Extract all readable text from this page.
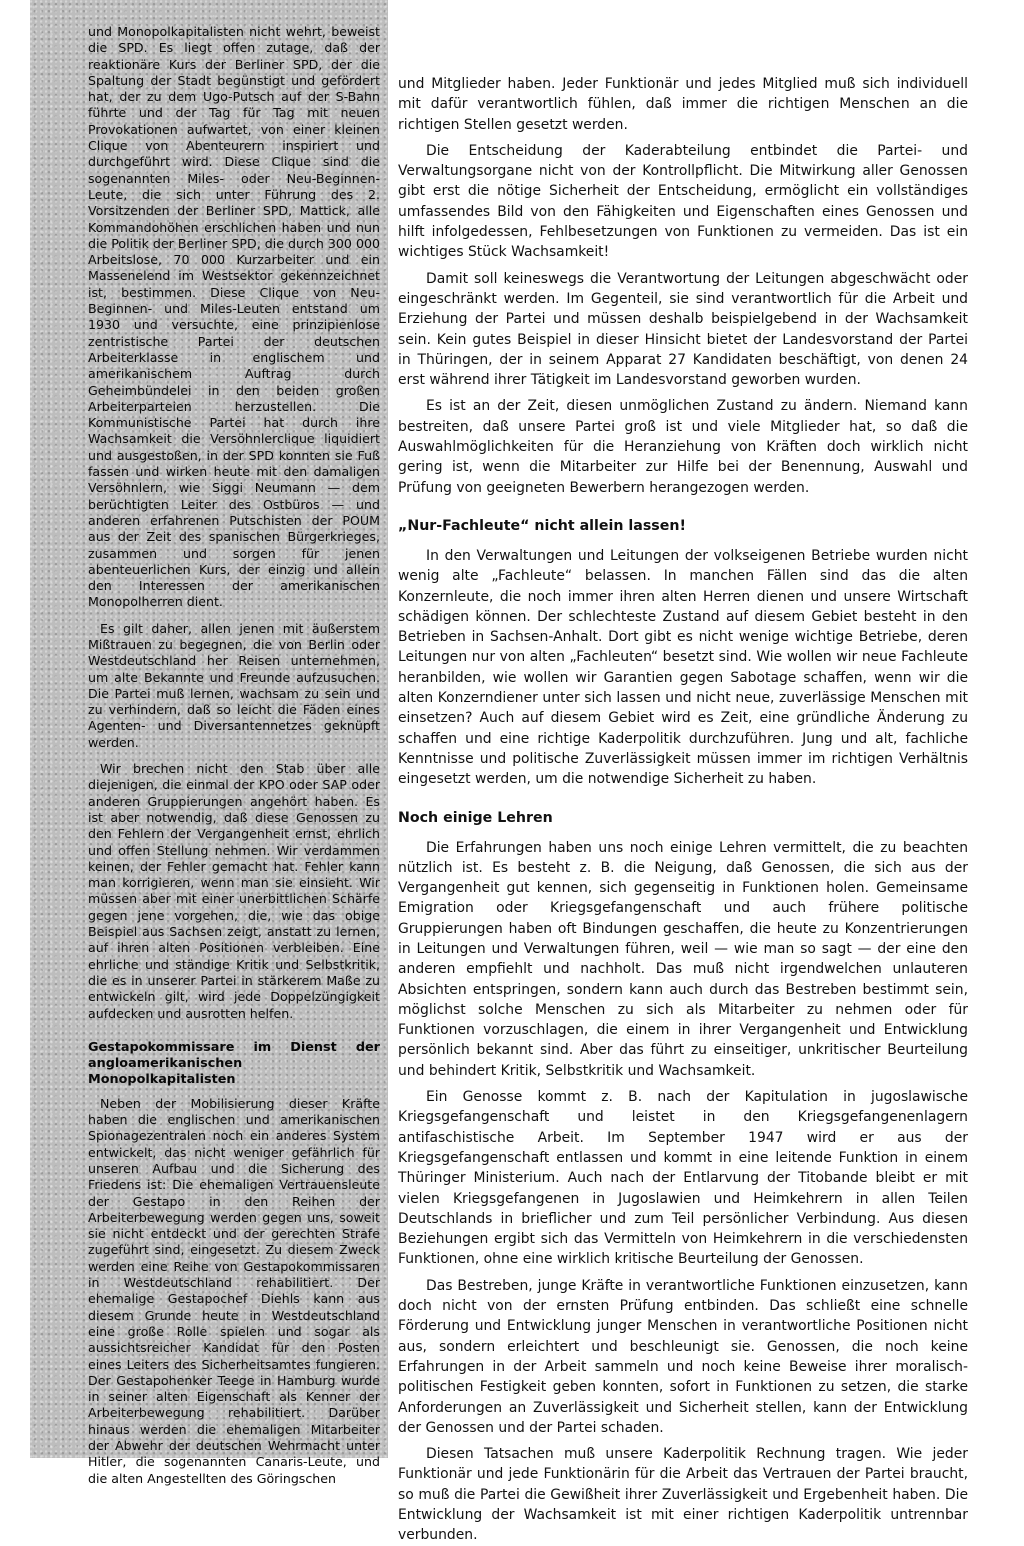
und Monopolkapitalisten nicht wehrt, beweist die SPD. Es liegt offen zutage, daß der reaktionäre Kurs der Berliner SPD, der die Spaltung der Stadt begünstigt und gefördert hat, der zu dem Ugo-Putsch auf der S-Bahn führte und der Tag für Tag mit neuen Provokationen aufwartet, von einer kleinen Clique von Abenteurern inspiriert und durchgeführt wird. Diese Clique sind die sogenannten Miles- oder Neu-Beginnen-Leute, die sich unter Führung des 2. Vorsitzenden der Berliner SPD, Mattick, alle Kommandohöhen erschlichen haben und nun die Politik der Berliner SPD, die durch 300 000 Arbeitslose, 70 000 Kurzarbeiter und ein Massenelend im Westsektor gekennzeichnet ist, bestimmen. Diese Clique von Neu-Beginnen- und Miles-Leuten entstand um 1930 und versuchte, eine prinzipienlose zentristische Partei der deutschen Arbeiterklasse in englischem und amerikanischem Auftrag durch Geheimbündelei in den beiden großen Arbeiterparteien herzustellen. Die Kommunistische Partei hat durch ihre Wachsamkeit die Versöhnlerclique liquidiert und ausgestoßen, in der SPD konnten sie Fuß fassen und wirken heute mit den damaligen Versöhnlern, wie Siggi Neumann — dem berüchtigten Leiter des Ostbüros — und anderen erfahrenen Putschisten der POUM aus der Zeit des spanischen Bürgerkrieges, zusammen und sorgen für jenen abenteuerlichen Kurs, der einzig und allein den Interessen der amerikanischen Monopolherren dient.

Es gilt daher, allen jenen mit äußerstem Mißtrauen zu begegnen, die von Berlin oder Westdeutschland her Reisen unternehmen, um alte Bekannte und Freunde aufzusuchen. Die Partei muß lernen, wachsam zu sein und zu verhindern, daß so leicht die Fäden eines Agenten- und Diversantennetzes geknüpft werden.

Wir brechen nicht den Stab über alle diejenigen, die einmal der KPO oder SAP oder anderen Gruppierungen angehört haben. Es ist aber notwendig, daß diese Genossen zu den Fehlern der Vergangenheit ernst, ehrlich und offen Stellung nehmen. Wir verdammen keinen, der Fehler gemacht hat. Fehler kann man korrigieren, wenn man sie einsieht. Wir müssen aber mit einer unerbittlichen Schärfe gegen jene vorgehen, die, wie das obige Beispiel aus Sachsen zeigt, anstatt zu lernen, auf ihren alten Positionen verbleiben. Eine ehrliche und ständige Kritik und Selbstkritik, die es in unserer Partei in stärkerem Maße zu entwickeln gilt, wird jede Doppelzüngigkeit aufdecken und ausrotten helfen.

Gestapokommissare im Dienst der angloamerikanischen Monopolkapitalisten

Neben der Mobilisierung dieser Kräfte haben die englischen und amerikanischen Spionagezentralen noch ein anderes System entwickelt, das nicht weniger gefährlich für unseren Aufbau und die Sicherung des Friedens ist: Die ehemaligen Vertrauensleute der Gestapo in den Reihen der Arbeiterbewegung werden gegen uns, soweit sie nicht entdeckt und der gerechten Strafe zugeführt sind, eingesetzt. Zu diesem Zweck werden eine Reihe von Gestapokommissaren in Westdeutschland rehabilitiert. Der ehemalige Gestapochef Diehls kann aus diesem Grunde heute in Westdeutschland eine große Rolle spielen und sogar als aussichtsreicher Kandidat für den Posten eines Leiters des Sicherheitsamtes fungieren. Der Gestapohenker Teege in Hamburg wurde in seiner alten Eigenschaft als Kenner der Arbeiterbewegung rehabilitiert. Darüber hinaus werden die ehemaligen Mitarbeiter der Abwehr der deutschen Wehrmacht unter Hitler, die sogenannten Canaris-Leute, und die alten Angestellten des Göringschen

und Mitglieder haben. Jeder Funktionär und jedes Mitglied muß sich individuell mit dafür verantwortlich fühlen, daß immer die richtigen Menschen an die richtigen Stellen gesetzt werden.

Die Entscheidung der Kaderabteilung entbindet die Partei- und Verwaltungsorgane nicht von der Kontrollpflicht. Die Mitwirkung aller Genossen gibt erst die nötige Sicherheit der Entscheidung, ermöglicht ein vollständiges umfassendes Bild von den Fähigkeiten und Eigenschaften eines Genossen und hilft infolgedessen, Fehlbesetzungen von Funktionen zu vermeiden. Das ist ein wichtiges Stück Wachsamkeit!

Damit soll keineswegs die Verantwortung der Leitungen abgeschwächt oder eingeschränkt werden. Im Gegenteil, sie sind verantwortlich für die Arbeit und Erziehung der Partei und müssen deshalb beispielgebend in der Wachsamkeit sein. Kein gutes Beispiel in dieser Hinsicht bietet der Landesvorstand der Partei in Thüringen, der in seinem Apparat 27 Kandidaten beschäftigt, von denen 24 erst während ihrer Tätigkeit im Landesvorstand geworben wurden.

Es ist an der Zeit, diesen unmöglichen Zustand zu ändern. Niemand kann bestreiten, daß unsere Partei groß ist und viele Mitglieder hat, so daß die Auswahlmöglichkeiten für die Heranziehung von Kräften doch wirklich nicht gering ist, wenn die Mitarbeiter zur Hilfe bei der Benennung, Auswahl und Prüfung von geeigneten Bewerbern herangezogen werden.

„Nur-Fachleute“ nicht allein lassen!

In den Verwaltungen und Leitungen der volkseigenen Betriebe wurden nicht wenig alte „Fachleute“ belassen. In manchen Fällen sind das die alten Konzernleute, die noch immer ihren alten Herren dienen und unsere Wirtschaft schädigen können. Der schlechteste Zustand auf diesem Gebiet besteht in den Betrieben in Sachsen-Anhalt. Dort gibt es nicht wenige wichtige Betriebe, deren Leitungen nur von alten „Fachleuten“ besetzt sind. Wie wollen wir neue Fachleute heranbilden, wie wollen wir Garantien gegen Sabotage schaffen, wenn wir die alten Konzerndiener unter sich lassen und nicht neue, zuverlässige Menschen mit einsetzen? Auch auf diesem Gebiet wird es Zeit, eine gründliche Änderung zu schaffen und eine richtige Kaderpolitik durchzuführen. Jung und alt, fachliche Kenntnisse und politische Zuverlässigkeit müssen immer im richtigen Verhältnis eingesetzt werden, um die notwendige Sicherheit zu haben.

Noch einige Lehren

Die Erfahrungen haben uns noch einige Lehren vermittelt, die zu beachten nützlich ist. Es besteht z. B. die Neigung, daß Genossen, die sich aus der Vergangenheit gut kennen, sich gegenseitig in Funktionen holen. Gemeinsame Emigration oder Kriegsgefangenschaft und auch frühere politische Gruppierungen haben oft Bindungen geschaffen, die heute zu Konzentrierungen in Leitungen und Verwaltungen führen, weil — wie man so sagt — der eine den anderen empfiehlt und nachholt. Das muß nicht irgendwelchen unlauteren Absichten entspringen, sondern kann auch durch das Bestreben bestimmt sein, möglichst solche Menschen zu sich als Mitarbeiter zu nehmen oder für Funktionen vorzuschlagen, die einem in ihrer Vergangenheit und Entwicklung persönlich bekannt sind. Aber das führt zu einseitiger, unkritischer Beurteilung und behindert Kritik, Selbstkritik und Wachsamkeit.

Ein Genosse kommt z. B. nach der Kapitulation in jugoslawische Kriegsgefangenschaft und leistet in den Kriegsgefangenenlagern antifaschistische Arbeit. Im September 1947 wird er aus der Kriegsgefangenschaft entlassen und kommt in eine leitende Funktion in einem Thüringer Ministerium. Auch nach der Entlarvung der Titobande bleibt er mit vielen Kriegsgefangenen in Jugoslawien und Heimkehrern in allen Teilen Deutschlands in brieflicher und zum Teil persönlicher Verbindung. Aus diesen Beziehungen ergibt sich das Vermitteln von Heimkehrern in die verschiedensten Funktionen, ohne eine wirklich kritische Beurteilung der Genossen.

Das Bestreben, junge Kräfte in verantwortliche Funktionen einzusetzen, kann doch nicht von der ernsten Prüfung entbinden. Das schließt eine schnelle Förderung und Entwicklung junger Menschen in verantwortliche Positionen nicht aus, sondern erleichtert und beschleunigt sie. Genossen, die noch keine Erfahrungen in der Arbeit sammeln und noch keine Beweise ihrer moralisch-politischen Festigkeit geben konnten, sofort in Funktionen zu setzen, die starke Anforderungen an Zuverlässigkeit und Sicherheit stellen, kann der Entwicklung der Genossen und der Partei schaden.

Diesen Tatsachen muß unsere Kaderpolitik Rechnung tragen. Wie jeder Funktionär und jede Funktionärin für die Arbeit das Vertrauen der Partei braucht, so muß die Partei die Gewißheit ihrer Zuverlässigkeit und Ergebenheit haben. Die Entwicklung der Wachsamkeit ist mit einer richtigen Kaderpolitik untrennbar verbunden.
